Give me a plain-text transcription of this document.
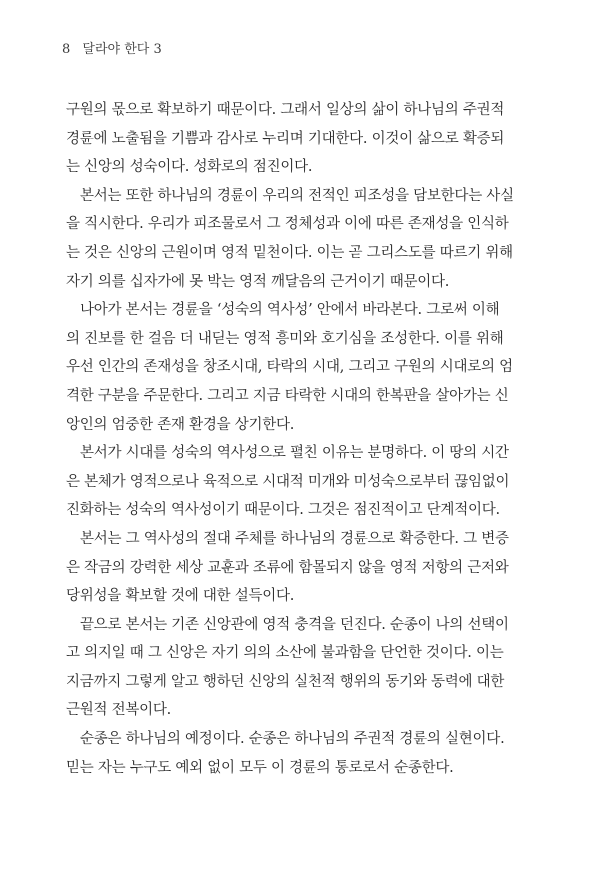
8 달라야 한다 3
구원의 몫으로 확보하기 때문이다. 그래서 일상의 삶이 하나님의 주권적
경륜에 노출됨을 기쁨과 감사로 누리며 기대한다. 이것이 삶으로 확증되
는 신앙의 성숙이다. 성화로의 점진이다.
본서는 또한 하나님의 경륜이 우리의 전적인 피조성을 담보한다는 사실
을 직시한다. 우리가 피조물로서 그 정체성과 이에 따른 존재성을 인식하
는 것은 신앙의 근원이며 영적 밑천이다. 이는 곧 그리스도를 따르기 위해
자기 의를 십자가에 못 박는 영적 깨달음의 근거이기 때문이다.
나아가 본서는 경륜을 ‘성숙의 역사성’ 안에서 바라본다. 그로써 이해
의 진보를 한 걸음 더 내딛는 영적 흥미와 호기심을 조성한다. 이를 위해
우선 인간의 존재성을 창조시대, 타락의 시대, 그리고 구원의 시대로의 엄
격한 구분을 주문한다. 그리고 지금 타락한 시대의 한복판을 살아가는 신
앙인의 엄중한 존재 환경을 상기한다.
본서가 시대를 성숙의 역사성으로 펼친 이유는 분명하다. 이 땅의 시간
은 본체가 영적으로나 육적으로 시대적 미개와 미성숙으로부터 끊임없이
진화하는 성숙의 역사성이기 때문이다. 그것은 점진적이고 단계적이다.
본서는 그 역사성의 절대 주체를 하나님의 경륜으로 확증한다. 그 변증
은 작금의 강력한 세상 교훈과 조류에 함몰되지 않을 영적 저항의 근저와
당위성을 확보할 것에 대한 설득이다.
끝으로 본서는 기존 신앙관에 영적 충격을 던진다. 순종이 나의 선택이
고 의지일 때 그 신앙은 자기 의의 소산에 불과함을 단언한 것이다. 이는
지금까지 그렇게 알고 행하던 신앙의 실천적 행위의 동기와 동력에 대한
근원적 전복이다.
순종은 하나님의 예정이다. 순종은 하나님의 주권적 경륜의 실현이다.
믿는 자는 누구도 예외 없이 모두 이 경륜의 통로로서 순종한다.
